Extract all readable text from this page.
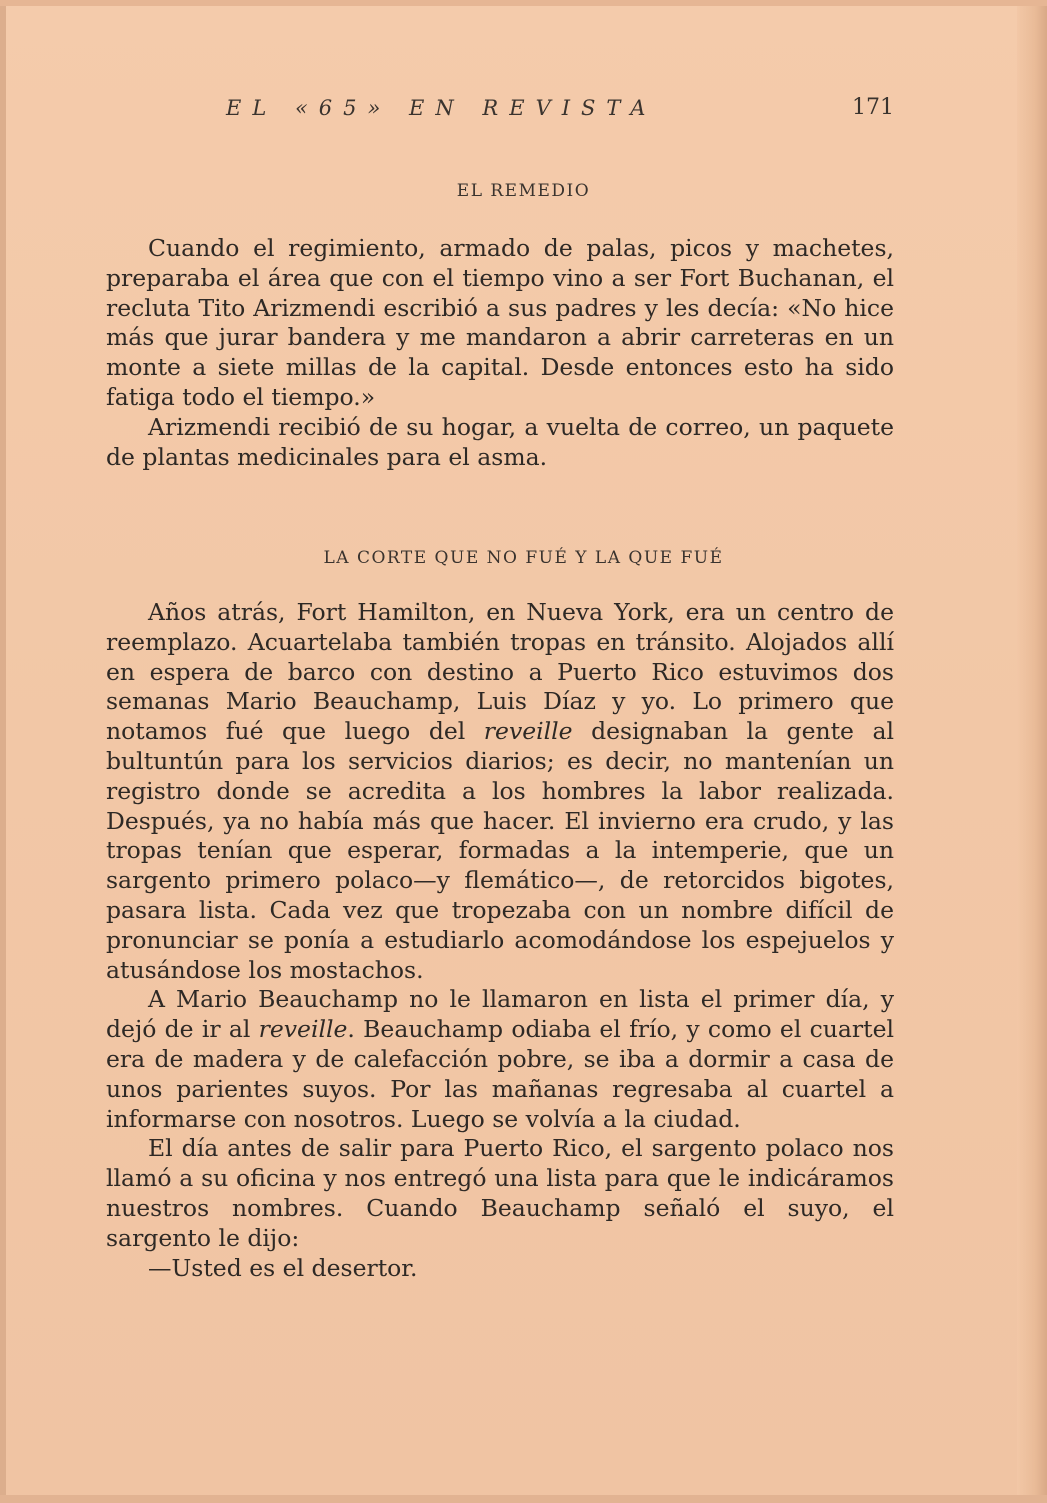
EL «65» EN REVISTA	171
EL REMEDIO

Cuando el regimiento, armado de palas, picos y machetes, preparaba el área que con el tiempo vino a ser Fort Buchanan, el recluta Tito Arizmendi escribió a sus padres y les decía: «No hice más que jurar bandera y me mandaron a abrir carreteras en un monte a siete millas de la capital. Desde entonces esto ha sido fatiga todo el tiempo.»

Arizmendi recibió de su hogar, a vuelta de correo, un paquete de plantas medicinales para el asma.

LA CORTE QUE NO FUÉ Y LA QUE FUÉ

Años atrás, Fort Hamilton, en Nueva York, era un centro de reemplazo. Acuartelaba también tropas en tránsito. Alojados allí en espera de barco con destino a Puerto Rico estuvimos dos semanas Mario Beauchamp, Luis Díaz y yo. Lo primero que notamos fué que luego del reveille designaban la gente al bultuntún para los servicios diarios; es decir, no mantenían un registro donde se acredita a los hombres la labor realizada. Después, ya no había más que hacer. El invierno era crudo, y las tropas tenían que esperar, formadas a la intemperie, que un sargento primero polaco—y flemático—, de retorcidos bigotes, pasara lista. Cada vez que tropezaba con un nombre difícil de pronunciar se ponía a estudiarlo acomodándose los espejuelos y atusándose los mostachos.

A Mario Beauchamp no le llamaron en lista el primer día, y dejó de ir al reveille. Beauchamp odiaba el frío, y como el cuartel era de madera y de calefacción pobre, se iba a dormir a casa de unos parientes suyos. Por las mañanas regresaba al cuartel a informarse con nosotros. Luego se volvía a la ciudad.

El día antes de salir para Puerto Rico, el sargento polaco nos llamó a su oficina y nos entregó una lista para que le indicáramos nuestros nombres. Cuando Beauchamp señaló el suyo, el sargento le dijo:

—Usted es el desertor.
